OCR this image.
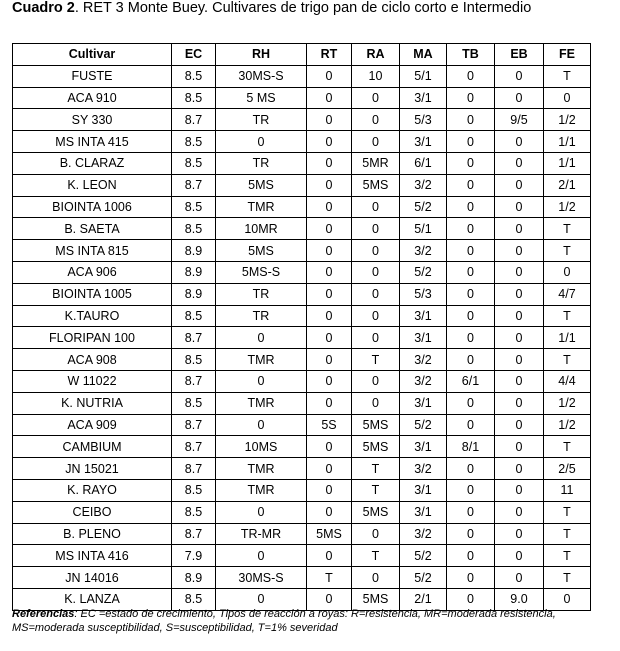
Cuadro 2. RET 3 Monte Buey. Cultivares de trigo pan de ciclo corto e Intermedio
Cultivar	EC	RH	RT	RA	MA	TB	EB	FE
FUSTE	8.5	30MS-S	0	10	5/1	0	0	T
ACA 910	8.5	5 MS	0	0	3/1	0	0	0
SY 330	8.7	TR	0	0	5/3	0	9/5	1/2
MS INTA 415	8.5	0	0	0	3/1	0	0	1/1
B. CLARAZ	8.5	TR	0	5MR	6/1	0	0	1/1
K. LEON	8.7	5MS	0	5MS	3/2	0	0	2/1
BIOINTA 1006	8.5	TMR	0	0	5/2	0	0	1/2
B. SAETA	8.5	10MR	0	0	5/1	0	0	T
MS INTA 815	8.9	5MS	0	0	3/2	0	0	T
ACA 906	8.9	5MS-S	0	0	5/2	0	0	0
BIOINTA 1005	8.9	TR	0	0	5/3	0	0	4/7
K.TAURO	8.5	TR	0	0	3/1	0	0	T
FLORIPAN 100	8.7	0	0	0	3/1	0	0	1/1
ACA 908	8.5	TMR	0	T	3/2	0	0	T
W 11022	8.7	0	0	0	3/2	6/1	0	4/4
K. NUTRIA	8.5	TMR	0	0	3/1	0	0	1/2
ACA 909	8.7	0	5S	5MS	5/2	0	0	1/2
CAMBIUM	8.7	10MS	0	5MS	3/1	8/1	0	T
JN 15021	8.7	TMR	0	T	3/2	0	0	2/5
K. RAYO	8.5	TMR	0	T	3/1	0	0	11
CEIBO	8.5	0	0	5MS	3/1	0	0	T
B. PLENO	8.7	TR-MR	5MS	0	3/2	0	0	T
MS INTA 416	7.9	0	0	T	5/2	0	0	T
JN 14016	8.9	30MS-S	T	0	5/2	0	0	T
K. LANZA	8.5	0	0	5MS	2/1	0	9.0	0
Referencias: EC =estado de crecimiento, Tipos de reacción a royas: R=resistencia, MR=moderada resistencia, MS=moderada susceptibilidad, S=susceptibilidad, T=1% severidad
